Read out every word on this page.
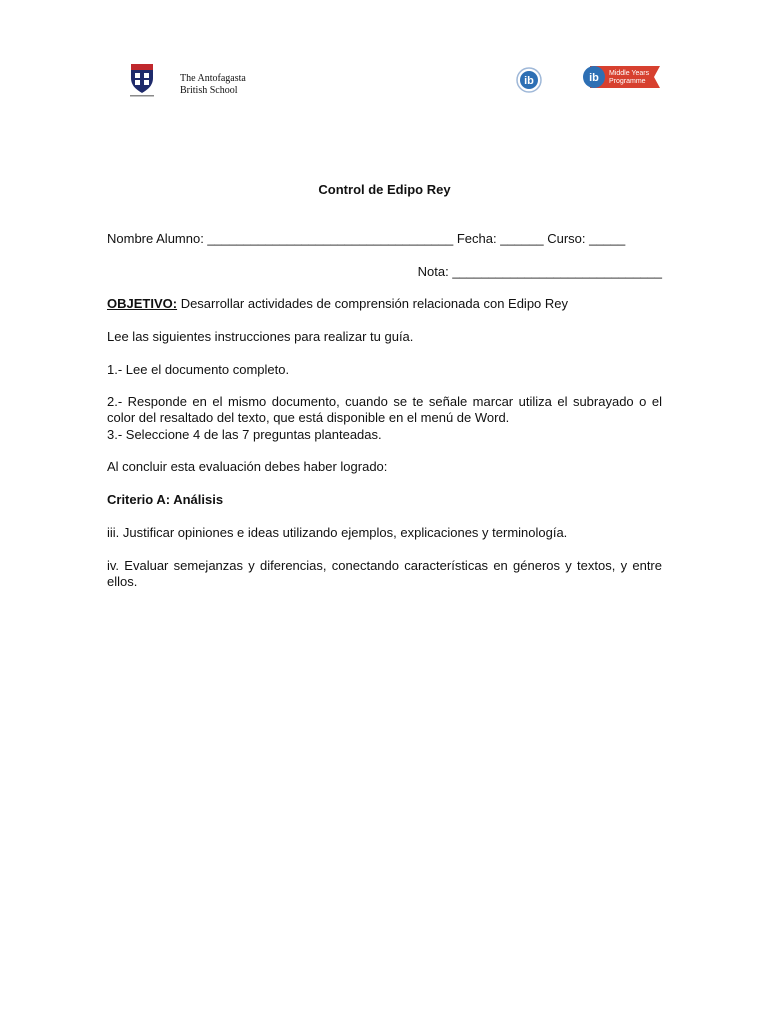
The Antofagasta
British School
ib	ib Middle Years
Programme
Control de Edipo Rey
Nombre Alumno: __________________________________ Fecha: ______ Curso: _____
Nota: _____________________________
OBJETIVO: Desarrollar actividades de comprensión relacionada con Edipo Rey
Lee las siguientes instrucciones para realizar tu guía.
1.- Lee el documento completo.
2.- Responde en el mismo documento, cuando se te señale marcar utiliza el subrayado o el color del resaltado del texto, que está disponible en el menú de Word.
3.- Seleccione 4 de las 7 preguntas planteadas.
Al concluir esta evaluación debes haber logrado:
Criterio A: Análisis
iii. Justificar opiniones e ideas utilizando ejemplos, explicaciones y terminología.
iv. Evaluar semejanzas y diferencias, conectando características en géneros y textos, y entre ellos.
